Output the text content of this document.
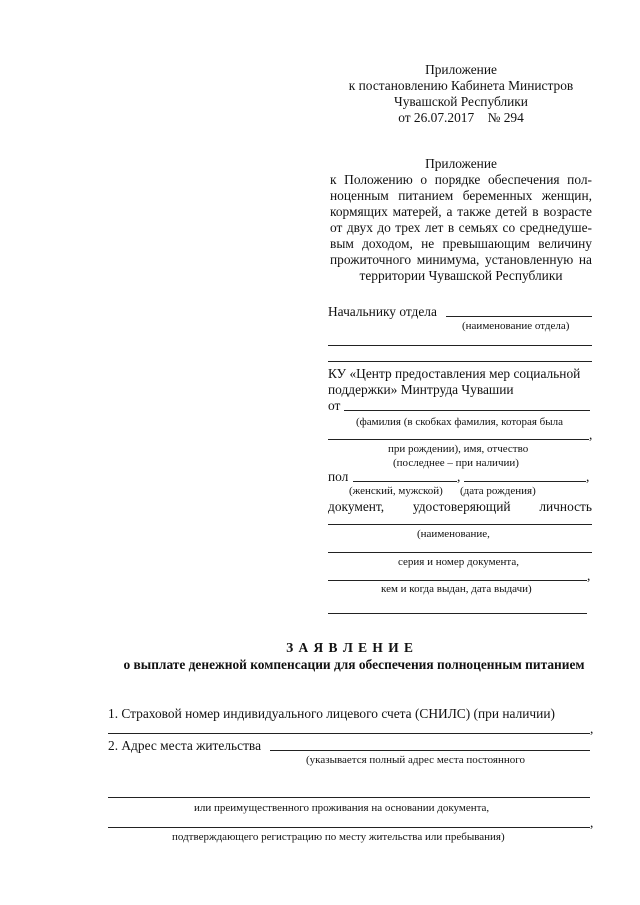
Приложение
к постановлению Кабинета Министров
Чувашской Республики
от 26.07.2017    № 294
Приложение
к Положению о порядке обеспечения пол-
ноценным питанием беременных женщин,
кормящих матерей, а также детей в возрасте
от двух до трех лет в семьях со среднедуше-
вым доходом, не превышающим величину
прожиточного минимума, установленную на
территории Чувашской Республики
Начальнику отдела
(наименование отдела)
КУ «Центр предоставления мер социальной
поддержки» Минтруда Чувашии
от
(фамилия (в скобках фамилия, которая была
,
при рождении), имя, отчество
(последнее – при наличии)
пол	,	,
(женский, мужской) (дата рождения)
документ,        удостоверяющий        личность
(наименование,
серия и номер документа,
,
кем и когда выдан, дата выдачи)
З А Я В Л Е Н И Е
о выплате денежной компенсации для обеспечения полноценным питанием
1. Страховой номер индивидуального лицевого счета (СНИЛС) (при наличии)
,
2. Адрес места жительства
(указывается полный адрес места постоянного
или преимущественного проживания на основании документа,
,
подтверждающего регистрацию по месту жительства или пребывания)
